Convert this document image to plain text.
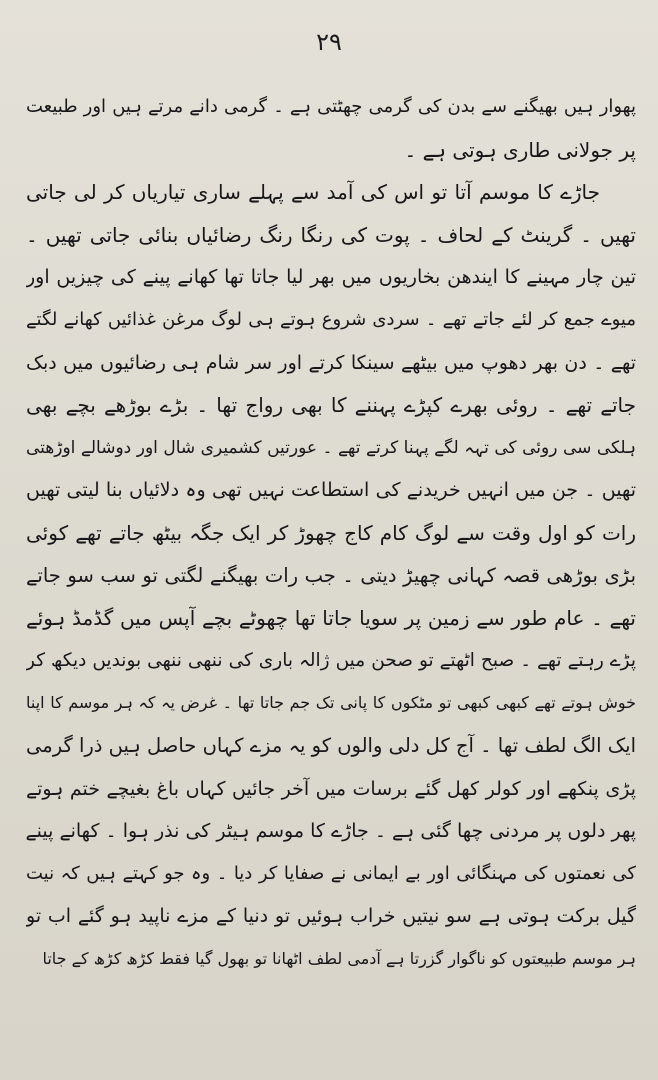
۲۹
پھوار ہیں بھیگنے سے بدن کی گرمی چھٹتی ہے ۔ گرمی دانے مرتے ہیں اور طبیعت
پر جولانی طاری ہوتی ہے ۔
جاڑے کا موسم آتا تو اس کی آمد سے پہلے ساری تیاریاں کر لی جاتی
تھیں ۔ گرینٹ کے لحاف ۔ پوت کی رنگا رنگ رضائیاں بنائی جاتی تھیں ۔
تین چار مہینے کا ایندھن بخاریوں میں بھر لیا جاتا تھا کھانے پینے کی چیزیں اور
میوے جمع کر لئے جاتے تھے ۔ سردی شروع ہوتے ہی لوگ مرغن غذائیں کھانے لگتے
تھے ۔ دن بھر دھوپ میں بیٹھے سینکا کرتے اور سر شام ہی رضائیوں میں دبک
جاتے تھے ۔ روئی بھرے کپڑے پہننے کا بھی رواج تھا ۔ بڑے بوڑھے بچے بھی
ہلکی سی روئی کی تہہ لگے پہنا کرتے تھے ۔ عورتیں کشمیری شال اور دوشالے اوڑھتی
تھیں ۔ جن میں انہیں خریدنے کی استطاعت نہیں تھی وہ دلائیاں بنا لیتی تھیں
رات کو اول وقت سے لوگ کام کاج چھوڑ کر ایک جگہ بیٹھ جاتے تھے کوئی
بڑی بوڑھی قصہ کہانی چھیڑ دیتی ۔ جب رات بھیگنے لگتی تو سب سو جاتے
تھے ۔ عام طور سے زمین پر سویا جاتا تھا چھوٹے بچے آپس میں گڈمڈ ہوئے
پڑے رہتے تھے ۔ صبح اٹھتے تو صحن میں ژالہ باری کی ننھی ننھی بوندیں دیکھ کر
خوش ہوتے تھے کبھی کبھی تو مٹکوں کا پانی تک جم جاتا تھا ۔ غرض یہ کہ ہر موسم کا اپنا
ایک الگ لطف تھا ۔ آج کل دلی والوں کو یہ مزے کہاں حاصل ہیں ذرا گرمی
پڑی پنکھے اور کولر کھل گئے برسات میں آخر جائیں کہاں باغ بغیچے ختم ہوتے
پھر دلوں پر مردنی چھا گئی ہے ۔ جاڑے کا موسم ہیٹر کی نذر ہوا ۔ کھانے پینے
کی نعمتوں کی مہنگائی اور بے ایمانی نے صفایا کر دیا ۔ وہ جو کہتے ہیں کہ نیت
گیل برکت ہوتی ہے سو نیتیں خراب ہوئیں تو دنیا کے مزے ناپید ہو گئے اب تو
ہر موسم طبیعتوں کو ناگوار گزرتا ہے آدمی لطف اٹھانا تو بھول گیا فقط کڑھ کڑھ کے جاتا
